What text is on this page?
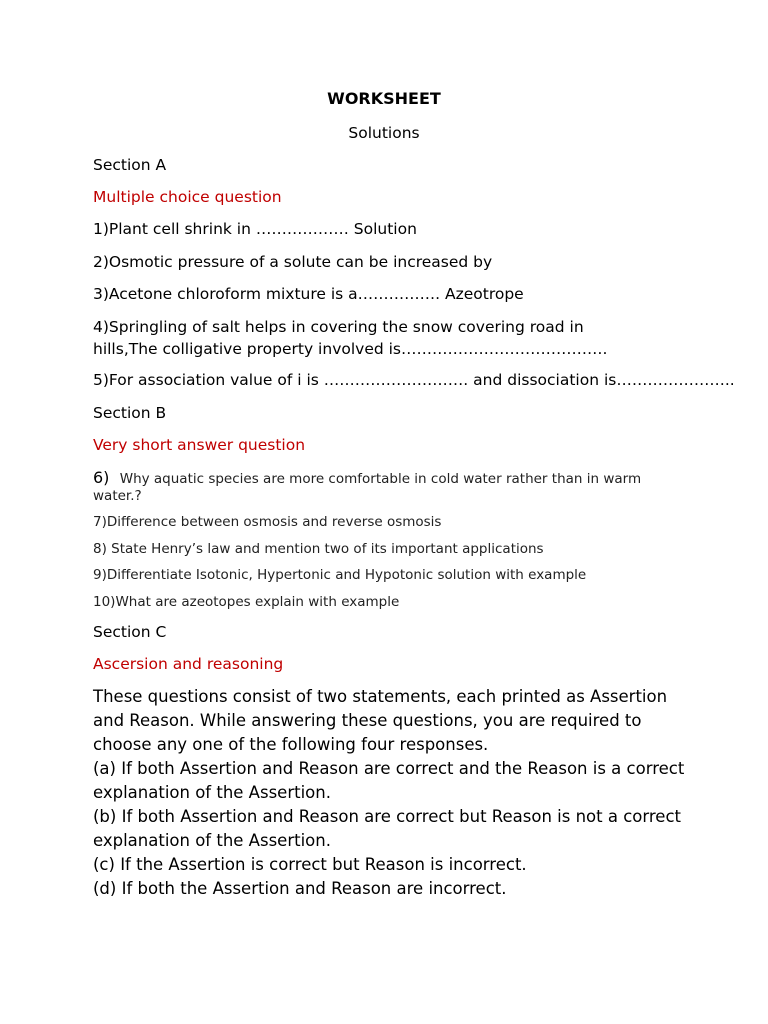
WORKSHEET
Solutions
Section A
Multiple choice question
1)Plant cell shrink in ……………… Solution
2)Osmotic pressure of a solute can be increased by
3)Acetone chloroform mixture is a……………. Azeotrope
4)Springling of salt helps in covering the snow covering road in hills,The colligative property involved is………………………………….
5)For association value of i is ………………………. and dissociation is…………………..
Section B
Very short answer question
6) Why aquatic species are more comfortable in cold water rather than in warm water.?
7)Difference between osmosis and reverse osmosis
8) State Henry’s law and mention two of its important applications
9)Differentiate Isotonic, Hypertonic and Hypotonic solution with example
10)What are azeotopes explain with example
Section C
Ascersion and reasoning
These questions consist of two statements, each printed as Assertion and Reason. While answering these questions, you are required to choose any one of the following four responses.
(a) If both Assertion and Reason are correct and the Reason is a correct explanation of the Assertion.
(b) If both Assertion and Reason are correct but Reason is not a correct explanation of the Assertion.
(c) If the Assertion is correct but Reason is incorrect.
(d) If both the Assertion and Reason are incorrect.
